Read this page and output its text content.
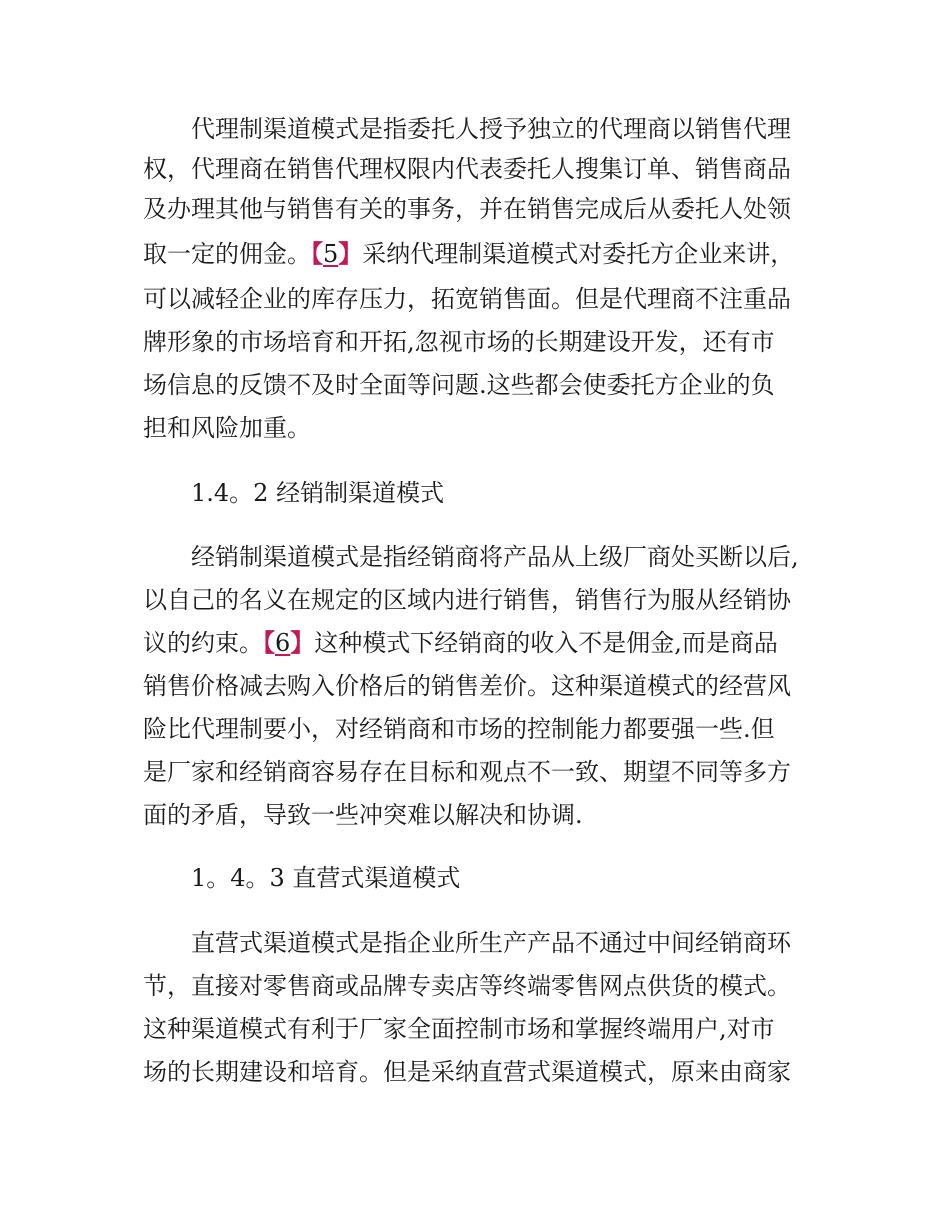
代理制渠道模式是指委托人授予独立的代理商以销售代理
权，代理商在销售代理权限内代表委托人搜集订单、销售商品
及办理其他与销售有关的事务，并在销售完成后从委托人处领
取一定的佣金。【5】采纳代理制渠道模式对委托方企业来讲，
可以减轻企业的库存压力，拓宽销售面。但是代理商不注重品
牌形象的市场培育和开拓,忽视市场的长期建设开发，还有市
场信息的反馈不及时全面等问题.这些都会使委托方企业的负
担和风险加重。
1.4。2 经销制渠道模式
经销制渠道模式是指经销商将产品从上级厂商处买断以后,
以自己的名义在规定的区域内进行销售，销售行为服从经销协
议的约束。【6】这种模式下经销商的收入不是佣金,而是商品
销售价格减去购入价格后的销售差价。这种渠道模式的经营风
险比代理制要小，对经销商和市场的控制能力都要强一些.但
是厂家和经销商容易存在目标和观点不一致、期望不同等多方
面的矛盾，导致一些冲突难以解决和协调.
1。4。3 直营式渠道模式
直营式渠道模式是指企业所生产产品不通过中间经销商环
节，直接对零售商或品牌专卖店等终端零售网点供货的模式。
这种渠道模式有利于厂家全面控制市场和掌握终端用户,对市
场的长期建设和培育。但是采纳直营式渠道模式，原来由商家
